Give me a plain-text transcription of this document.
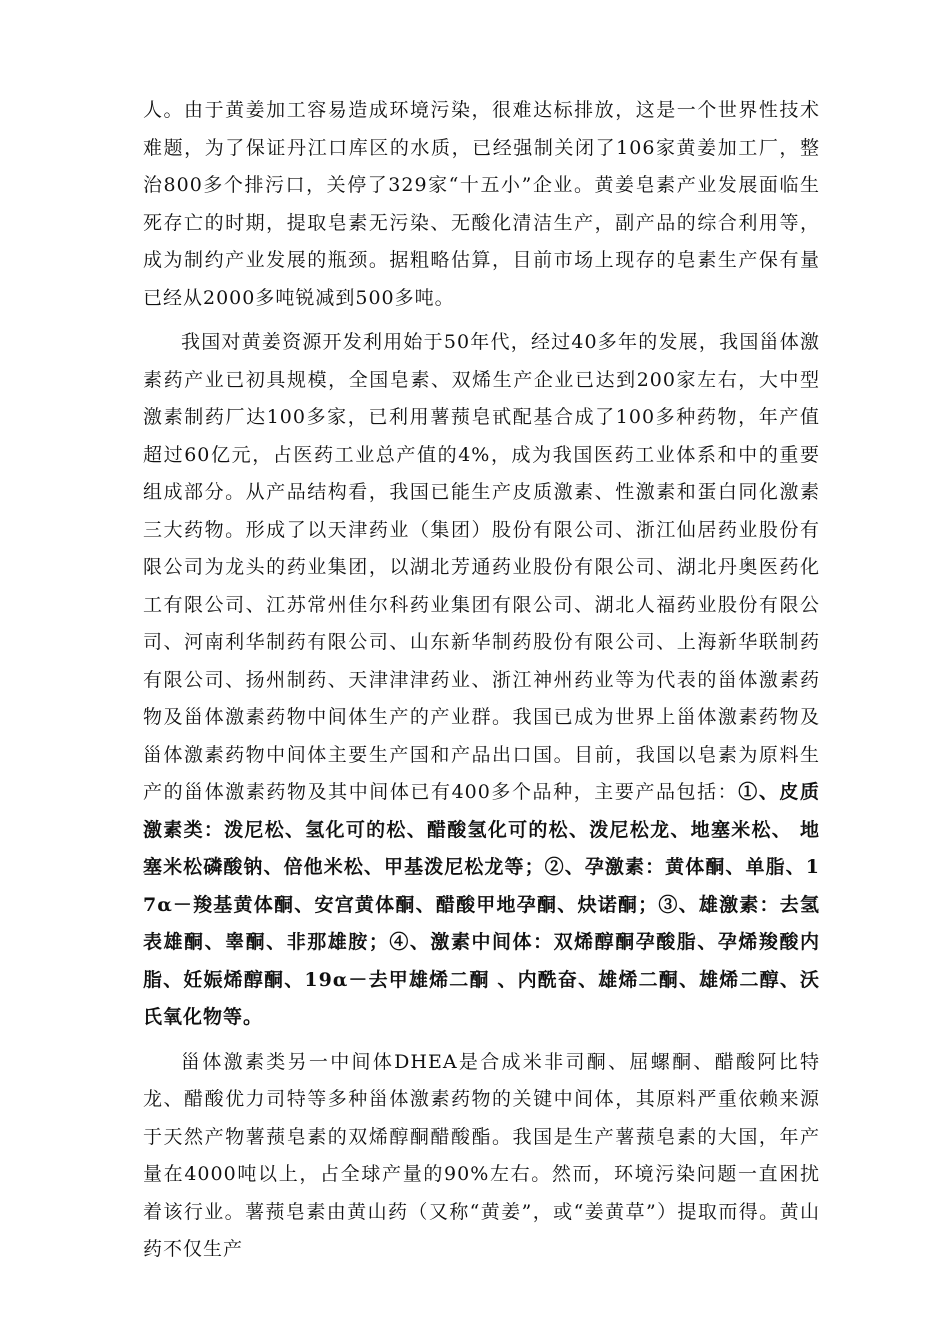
人。由于黄姜加工容易造成环境污染，很难达标排放，这是一个世界性技术难题，为了保证丹江口库区的水质，已经强制关闭了106家黄姜加工厂，整治800多个排污口，关停了329家“十五小”企业。黄姜皂素产业发展面临生死存亡的时期，提取皂素无污染、无酸化清洁生产，副产品的综合利用等，成为制约产业发展的瓶颈。据粗略估算，目前市场上现存的皂素生产保有量已经从2000多吨锐减到500多吨。

我国对黄姜资源开发利用始于50年代，经过40多年的发展，我国甾体激素药产业已初具规模，全国皂素、双烯生产企业已达到200家左右，大中型激素制药厂达100多家，已利用薯蓣皂甙配基合成了100多种药物，年产值超过60亿元，占医药工业总产值的4%，成为我国医药工业体系和中的重要组成部分。从产品结构看，我国已能生产皮质激素、性激素和蛋白同化激素三大药物。形成了以天津药业（集团）股份有限公司、浙江仙居药业股份有限公司为龙头的药业集团，以湖北芳通药业股份有限公司、湖北丹奥医药化工有限公司、江苏常州佳尔科药业集团有限公司、湖北人福药业股份有限公司、河南利华制药有限公司、山东新华制药股份有限公司、上海新华联制药有限公司、扬州制药、天津津津药业、浙江神州药业等为代表的甾体激素药物及甾体激素药物中间体生产的产业群。我国已成为世界上甾体激素药物及甾体激素药物中间体主要生产国和产品出口国。目前，我国以皂素为原料生产的甾体激素药物及其中间体已有400多个品种，主要产品包括：①、皮质激素类：泼尼松、氢化可的松、醋酸氢化可的松、泼尼松龙、地塞米松、 地塞米松磷酸钠、倍他米松、甲基泼尼松龙等；②、孕激素：黄体酮、单脂、17α－羧基黄体酮、安宫黄体酮、醋酸甲地孕酮、炔诺酮；③、雄激素：去氢表雄酮、睾酮、非那雄胺；④、激素中间体：双烯醇酮孕酸脂、孕烯羧酸内脂、妊娠烯醇酮、19α－去甲雄烯二酮 、内酰奋、雄烯二酮、雄烯二醇、沃氏氧化物等。

甾体激素类另一中间体DHEA是合成米非司酮、屈螺酮、醋酸阿比特龙、醋酸优力司特等多种甾体激素药物的关键中间体，其原料严重依赖来源于天然产物薯蓣皂素的双烯醇酮醋酸酯。我国是生产薯蓣皂素的大国，年产量在4000吨以上，占全球产量的90%左右。然而，环境污染问题一直困扰着该行业。薯蓣皂素由黄山药（又称“黄姜”，或“姜黄草”）提取而得。黄山药不仅生产
